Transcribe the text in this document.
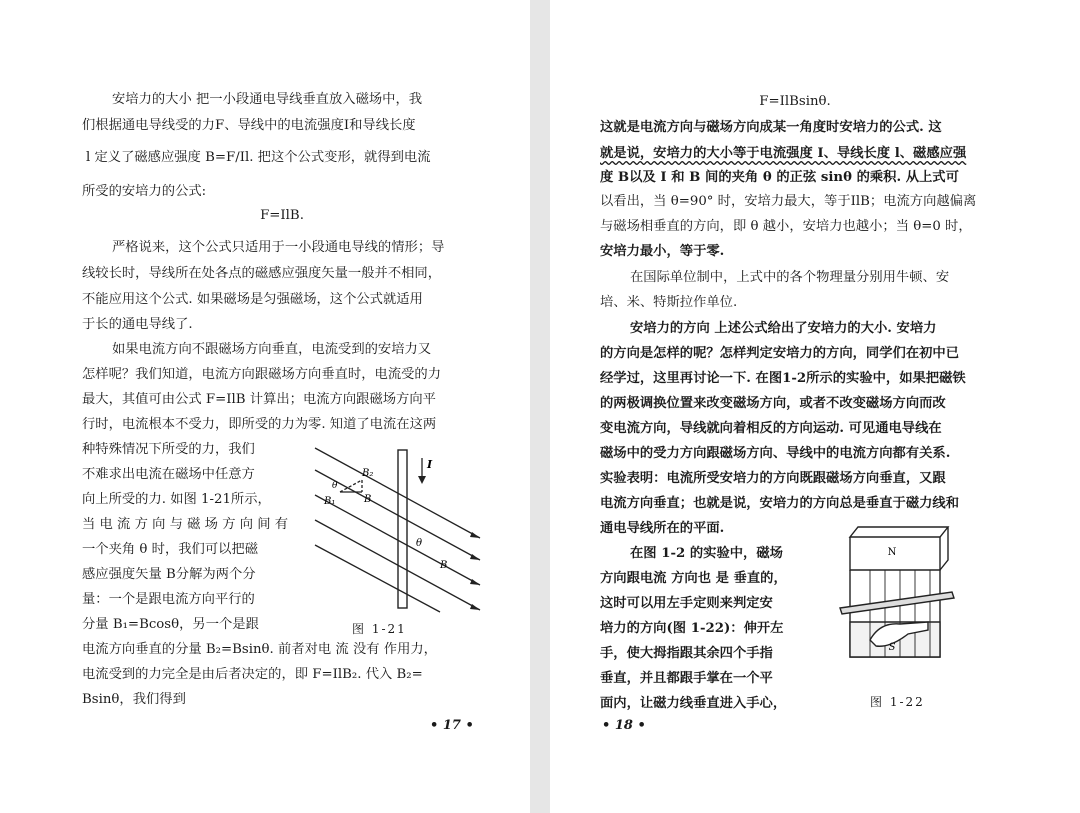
安培力的大小 把一小段通电导线垂直放入磁场中，我
们根据通电导线受的力F、导线中的电流强度I和导线长度
l 定义了磁感应强度 B=F/Il. 把这个公式变形，就得到电流
所受的安培力的公式:
F=IlB.
严格说来，这个公式只适用于一小段通电导线的情形；导
线较长时，导线所在处各点的磁感应强度矢量一般并不相同，
不能应用这个公式. 如果磁场是匀强磁场，这个公式就适用
于长的通电导线了.
如果电流方向不跟磁场方向垂直，电流受到的安培力又
怎样呢？我们知道，电流方向跟磁场方向垂直时，电流受的力
最大，其值可由公式 F=IlB 计算出；电流方向跟磁场方向平
行时，电流根本不受力，即所受的力为零. 知道了电流在这两
种特殊情况下所受的力，我们
不难求出电流在磁场中任意方
向上所受的力. 如图 1-21所示，
当 电 流 方 向 与 磁 场 方 向 间 有
一个夹角 θ 时，我们可以把磁
感应强度矢量 B分解为两个分
量：一个是跟电流方向平行的
分量 B₁=Bcosθ，另一个是跟
电流方向垂直的分量 B₂=Bsinθ. 前者对电 流 没有 作用力，
电流受到的力完全是由后者决定的，即 F=IlB₂. 代入 B₂=
Bsinθ，我们得到
B₂
B₁	B
θ
I
θ
B
图 1-21
• 17 •
F=IlBsinθ.
这就是电流方向与磁场方向成某一角度时安培力的公式. 这
就是说，安培力的大小等于电流强度 I、导线长度 l、磁感应强
度 B以及 I 和 B 间的夹角 θ 的正弦 sinθ 的乘积. 从上式可
以看出，当 θ=90° 时，安培力最大，等于IlB；电流方向越偏离
与磁场相垂直的方向，即 θ 越小，安培力也越小；当 θ=0 时，
安培力最小，等于零.
在国际单位制中，上式中的各个物理量分别用牛顿、安
培、米、特斯拉作单位.
安培力的方向 上述公式给出了安培力的大小. 安培力
的方向是怎样的呢？怎样判定安培力的方向，同学们在初中已
经学过，这里再讨论一下. 在图1-2所示的实验中，如果把磁铁
的两极调换位置来改变磁场方向，或者不改变磁场方向而改
变电流方向，导线就向着相反的方向运动. 可见通电导线在
磁场中的受力方向跟磁场方向、导线中的电流方向都有关系.
实验表明：电流所受安培力的方向既跟磁场方向垂直，又跟
电流方向垂直；也就是说，安培力的方向总是垂直于磁力线和
通电导线所在的平面.
在图 1-2 的实验中，磁场
方向跟电流 方向也 是 垂直的，
这时可以用左手定则来判定安
培力的方向(图 1-22)：伸开左
手，使大拇指跟其余四个手指
垂直，并且都跟手掌在一个平
面内，让磁力线垂直进入手心，
N
S
图 1-22
• 18 •
